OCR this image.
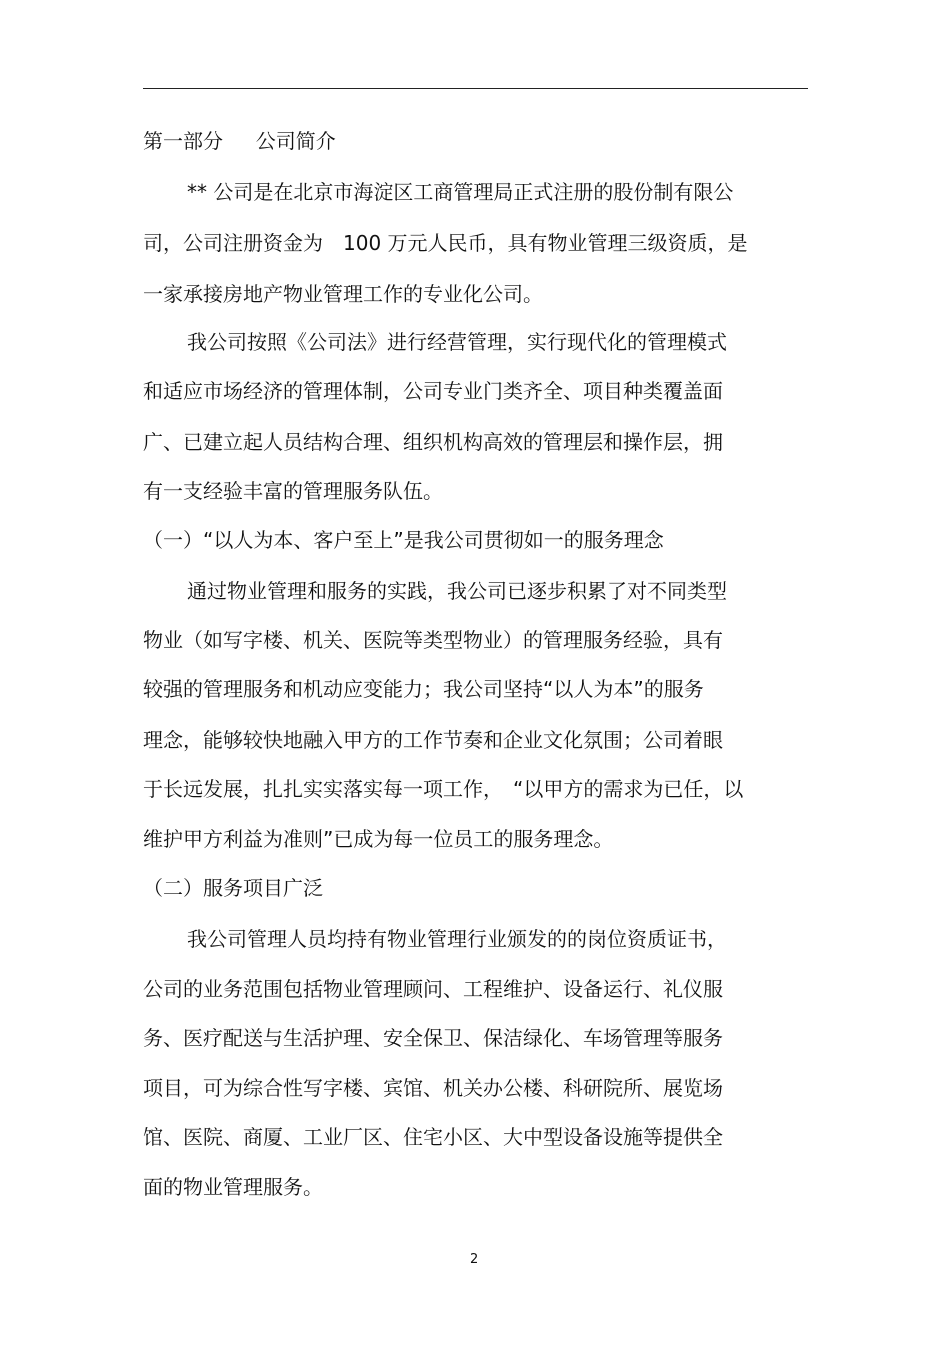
第一部分　  公司简介
** 公司是在北京市海淀区工商管理局正式注册的股份制有限公
司，公司注册资金为　100 万元人民币，具有物业管理三级资质，是
一家承接房地产物业管理工作的专业化公司。
我公司按照《公司法》进行经营管理，实行现代化的管理模式
和适应市场经济的管理体制，公司专业门类齐全、项目种类覆盖面
广、已建立起人员结构合理、组织机构高效的管理层和操作层，拥
有一支经验丰富的管理服务队伍。
（一）“以人为本、客户至上”是我公司贯彻如一的服务理念
通过物业管理和服务的实践，我公司已逐步积累了对不同类型
物业（如写字楼、机关、医院等类型物业）的管理服务经验，具有
较强的管理服务和机动应变能力；我公司坚持“以人为本”的服务
理念，能够较快地融入甲方的工作节奏和企业文化氛围；公司着眼
于长远发展，扎扎实实落实每一项工作，　“以甲方的需求为已任，以
维护甲方利益为准则”已成为每一位员工的服务理念。
（二）服务项目广泛
我公司管理人员均持有物业管理行业颁发的的岗位资质证书，
公司的业务范围包括物业管理顾问、工程维护、设备运行、礼仪服
务、医疗配送与生活护理、安全保卫、保洁绿化、车场管理等服务
项目，可为综合性写字楼、宾馆、机关办公楼、科研院所、展览场
馆、医院、商厦、工业厂区、住宅小区、大中型设备设施等提供全
面的物业管理服务。
2
